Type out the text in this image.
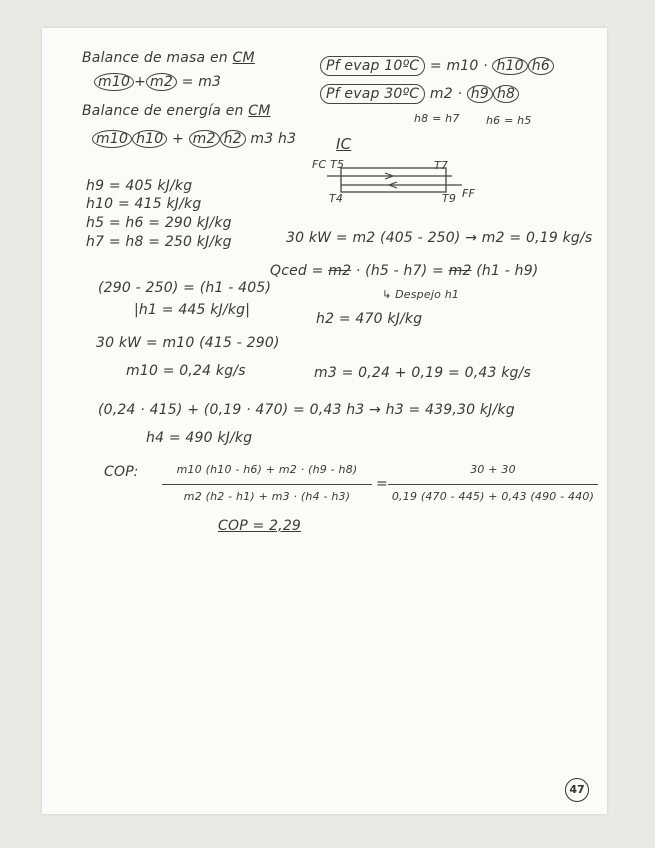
Balance de masa en CM
m10 + m2 = m3
Balance de energía en CM
m10 h10 + m2 h2 m3 h3
h9 = 405 kJ/kg
h10 = 415 kJ/kg
h5 = h6 = 290 kJ/kg
h7 = h8 = 250 kJ/kg
Pf evap 10ºC = m10 · h10 h6
Pf evap 30ºC m2 · h9 h8
h8 = h7 h6 = h5
IC
FC T5	T7
T4	T9 FF
30 kW = m2 (405 - 250) → m2 = 0,19 kg/s
Qced = m2 · (h5 - h7) = m2 (h1 - h9)
↳ Despejo h1
h2 = 470 kJ/kg
(290 - 250) = (h1 - 405)
|h1 = 445 kJ/kg|
30 kW = m10 (415 - 290)
m10 = 0,24 kg/s	m3 = 0,24 + 0,19 = 0,43 kg/s
(0,24 · 415) + (0,19 · 470) = 0,43 h3 → h3 = 439,30 kJ/kg
h4 = 490 kJ/kg
COP:	m10 (h10 - h6) + m2 · (h9 - h8)
m2 (h2 - h1) + m3 · (h4 - h3)
=
30 + 30
0,19 (470 - 445) + 0,43 (490 - 440)
COP = 2,29
47
